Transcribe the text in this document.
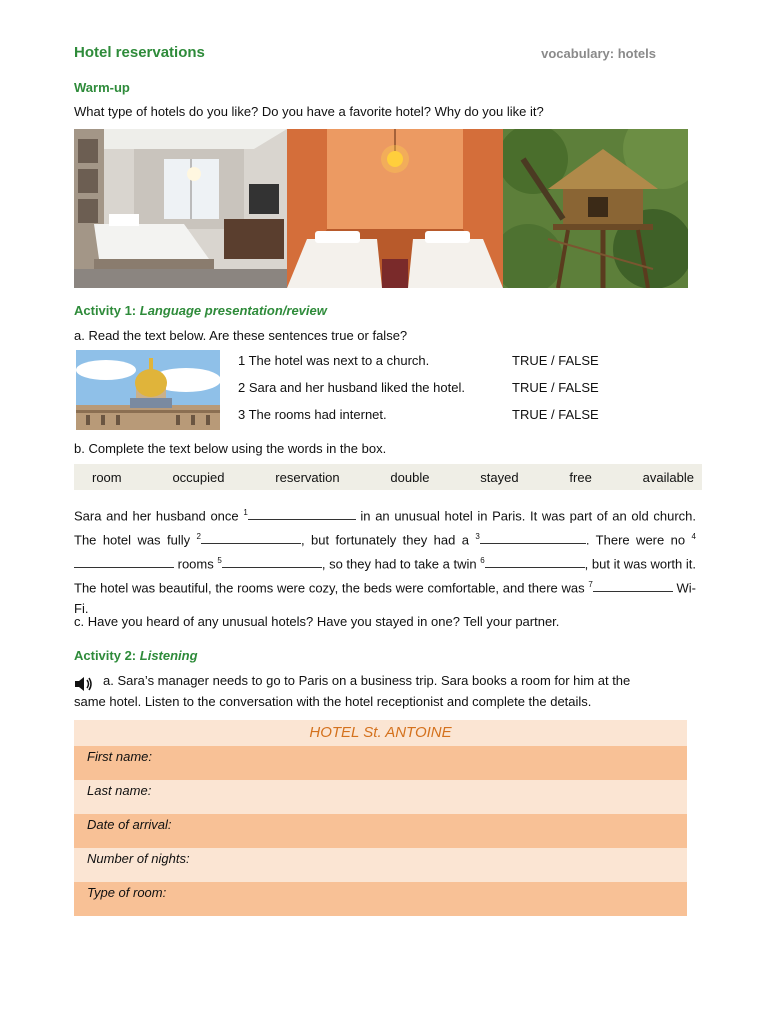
Hotel reservations	vocabulary: hotels
Warm-up
What type of hotels do you like? Do you have a favorite hotel? Why do you like it?
Activity 1: Language presentation/review
a. Read the text below. Are these sentences true or false?
1 The hotel was next to a church.	TRUE / FALSE
2 Sara and her husband liked the hotel.	TRUE / FALSE
3 The rooms had internet.	TRUE / FALSE
b. Complete the text below using the words in the box.
room	occupied	reservation	double	stayed	free	available
Sara and her husband once $^1$	in an unusual hotel in Paris. It was part of an old church. The hotel was fully $^2$	, but fortunately they had a $^3$	. There were no $^4$ rooms $^5$	, so they had to take a twin $^6$	, but it was worth it. The hotel was beautiful, the rooms were cozy, the beds were comfortable, and there was $^7$	Wi-Fi.
c. Have you heard of any unusual hotels? Have you stayed in one? Tell your partner.
Activity 2: Listening
a. Sara’s manager needs to go to Paris on a business trip. Sara books a room for him at the
same hotel. Listen to the conversation with the hotel receptionist and complete the details.
HOTEL St. ANTOINE
First name:
Last name:
Date of arrival:
Number of nights:
Type of room:
